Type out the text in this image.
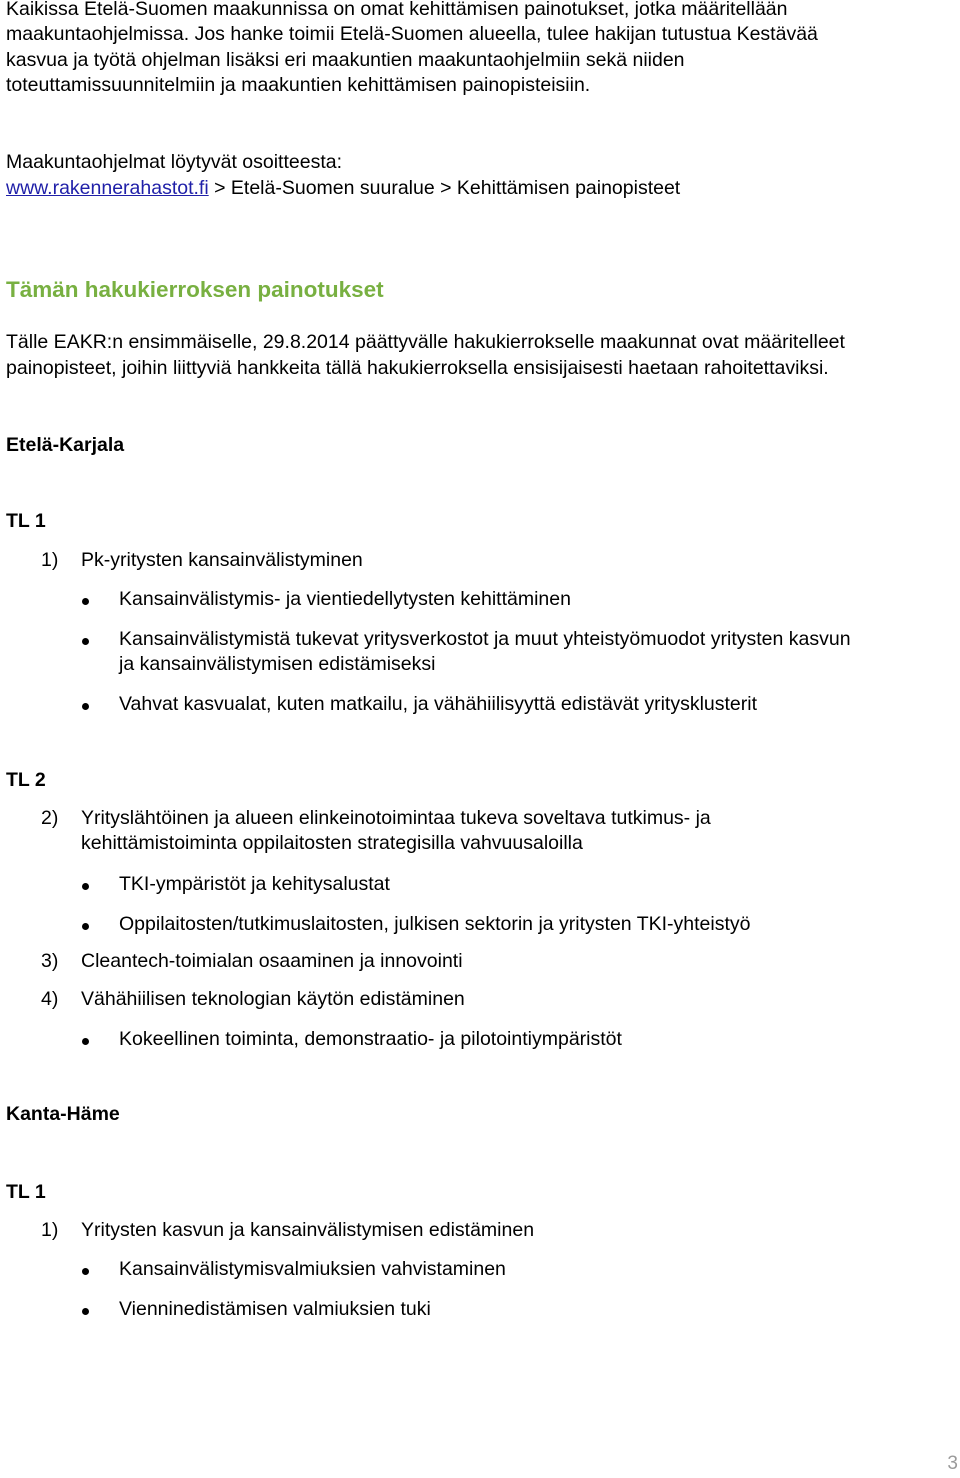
Kaikissa Etelä-Suomen maakunnissa on omat kehittämisen painotukset, jotka määritellään
maakuntaohjelmissa. Jos hanke toimii Etelä-Suomen alueella, tulee hakijan tutustua Kestävää
kasvua ja työtä ohjelman lisäksi eri maakuntien maakuntaohjelmiin sekä niiden
toteuttamissuunnitelmiin ja maakuntien kehittämisen painopisteisiin.
Maakuntaohjelmat löytyvät osoitteesta:
www.rakennerahastot.fi > Etelä-Suomen suuralue > Kehittämisen painopisteet
Tämän hakukierroksen painotukset
Tälle EAKR:n ensimmäiselle, 29.8.2014 päättyvälle hakukierrokselle maakunnat ovat määritelleet
painopisteet, joihin liittyviä hankkeita tällä hakukierroksella ensisijaisesti haetaan rahoitettaviksi.
Etelä-Karjala
TL 1
1) Pk-yritysten kansainvälistyminen
Kansainvälistymis- ja vientiedellytysten kehittäminen
Kansainvälistymistä tukevat yritysverkostot ja muut yhteistyömuodot yritysten kasvun
ja kansainvälistymisen edistämiseksi
Vahvat kasvualat, kuten matkailu, ja vähähiilisyyttä edistävät yritysklusterit
TL 2
2) Yrityslähtöinen ja alueen elinkeinotoimintaa tukeva soveltava tutkimus- ja
kehittämistoiminta oppilaitosten strategisilla vahvuusaloilla
TKI-ympäristöt ja kehitysalustat
Oppilaitosten/tutkimuslaitosten, julkisen sektorin ja yritysten TKI-yhteistyö
3) Cleantech-toimialan osaaminen ja innovointi
4) Vähähiilisen teknologian käytön edistäminen
Kokeellinen toiminta, demonstraatio- ja pilotointiympäristöt
Kanta-Häme
TL 1
1) Yritysten kasvun ja kansainvälistymisen edistäminen
Kansainvälistymisvalmiuksien vahvistaminen
Vienninedistämisen valmiuksien tuki
3
